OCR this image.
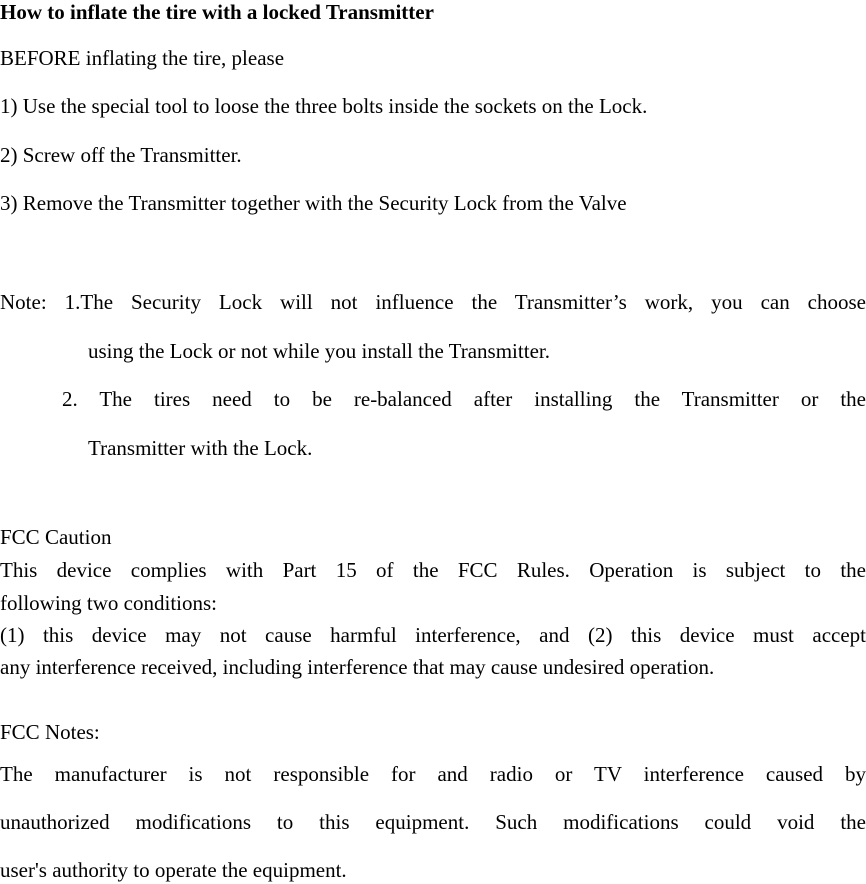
How to inflate the tire with a locked Transmitter
BEFORE inflating the tire, please
1) Use the special tool to loose the three bolts inside the sockets on the Lock.
2) Screw off the Transmitter.
3) Remove the Transmitter together with the Security Lock from the Valve
Note: 1.The Security Lock will not influence the Transmitter’s work, you can choose
using the Lock or not while you install the Transmitter.
2. The tires need to be re-balanced after installing the Transmitter or the
Transmitter with the Lock.
FCC Caution
This device complies with Part 15 of the FCC Rules. Operation is subject to the
following two conditions:
(1) this device may not cause harmful interference, and (2) this device must accept
any interference received, including interference that may cause undesired operation.
FCC Notes:
The manufacturer is not responsible for and radio or TV interference caused by
unauthorized modifications to this equipment. Such modifications could void the
user's authority to operate the equipment.
